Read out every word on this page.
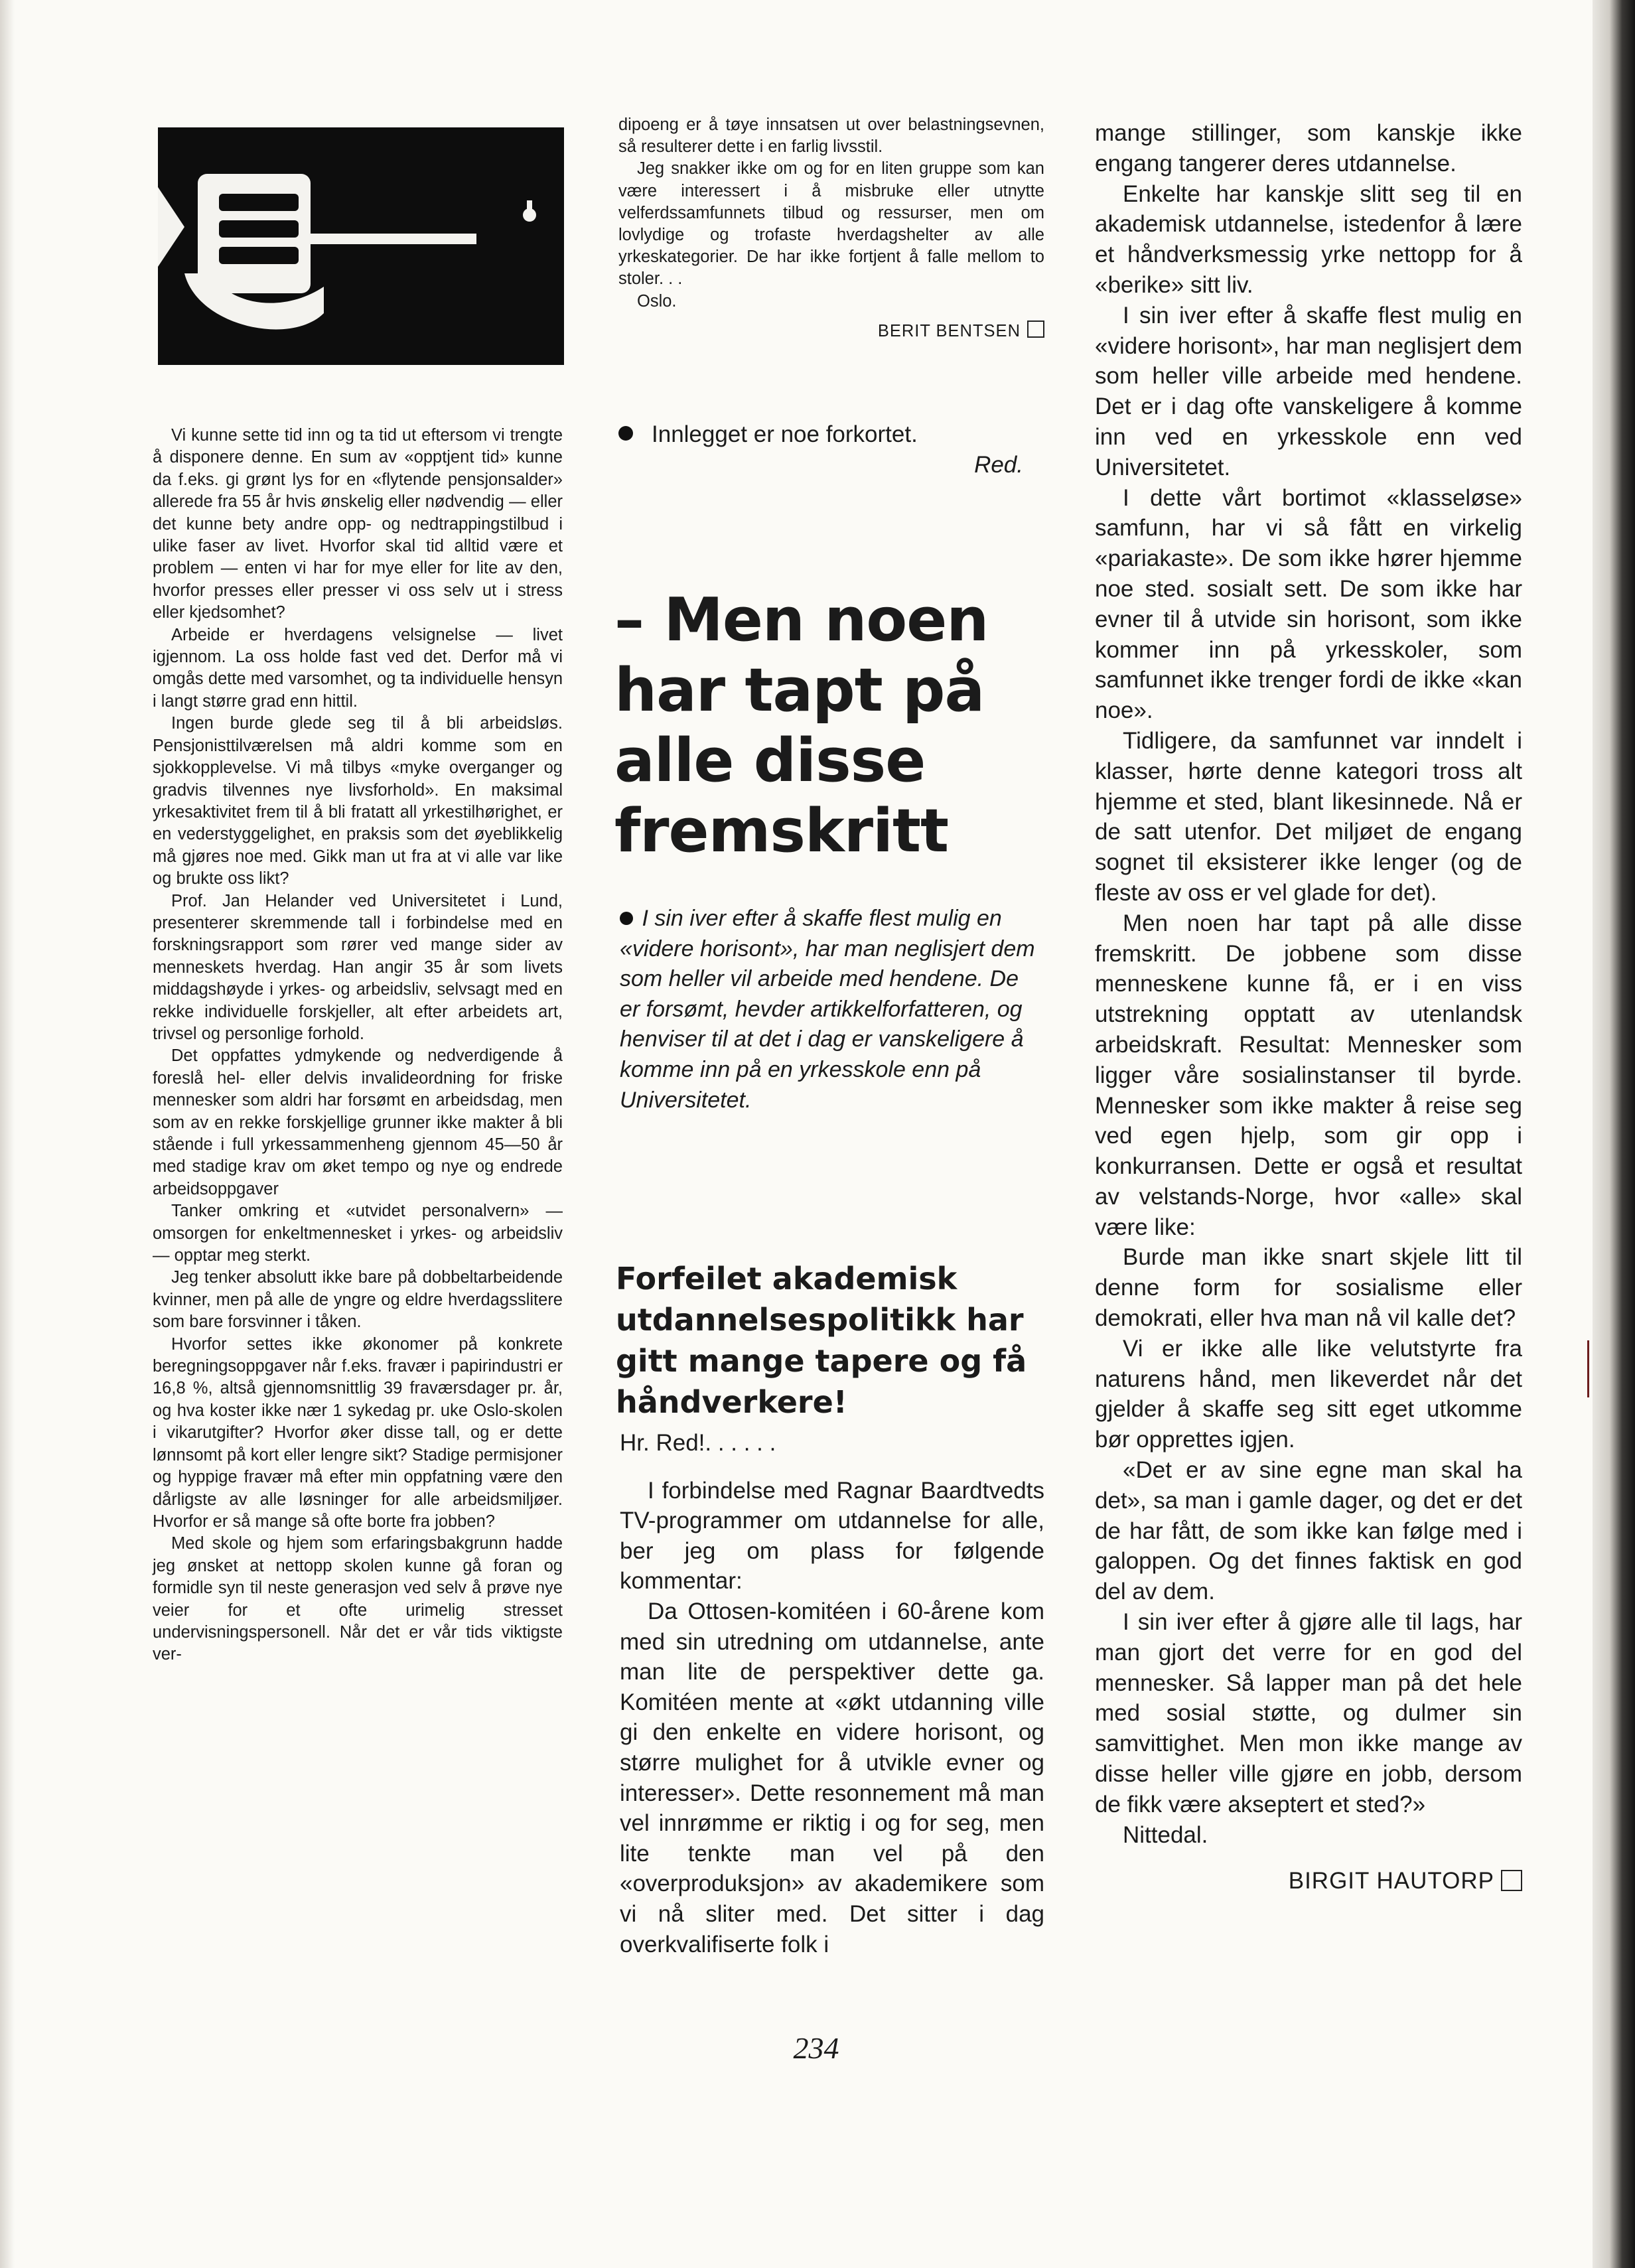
Vi kunne sette tid inn og ta tid ut eftersom vi trengte å disponere denne. En sum av «opptjent tid» kunne da f.eks. gi grønt lys for en «flytende pensjonsalder» allerede fra 55 år hvis ønskelig eller nødvendig — eller det kunne bety andre opp- og nedtrappingstilbud i ulike faser av livet. Hvorfor skal tid alltid være et problem — enten vi har for mye eller for lite av den, hvorfor presses eller presser vi oss selv ut i stress eller kjedsomhet?

Arbeide er hverdagens velsignelse — livet igjennom. La oss holde fast ved det. Derfor må vi omgås dette med varsomhet, og ta individuelle hensyn i langt større grad enn hittil.

Ingen burde glede seg til å bli arbeidsløs. Pensjonisttilværelsen må aldri komme som en sjokkopplevelse. Vi må tilbys «myke overganger og gradvis tilvennes nye livsforhold». En maksimal yrkesaktivitet frem til å bli fratatt all yrkestilhørighet, er en vederstyggelighet, en praksis som det øyeblikkelig må gjøres noe med. Gikk man ut fra at vi alle var like og brukte oss likt?

Prof. Jan Helander ved Universitetet i Lund, presenterer skremmende tall i forbindelse med en forskningsrapport som rører ved mange sider av menneskets hverdag. Han angir 35 år som livets middagshøyde i yrkes- og arbeidsliv, selvsagt med en rekke individuelle forskjeller, alt efter arbeidets art, trivsel og personlige forhold.

Det oppfattes ydmykende og nedverdigende å foreslå hel- eller delvis invalideordning for friske mennesker som aldri har forsømt en arbeidsdag, men som av en rekke forskjellige grunner ikke makter å bli stående i full yrkessammenheng gjennom 45—50 år med stadige krav om øket tempo og nye og endrede arbeidsoppgaver

Tanker omkring et «utvidet personalvern» — omsorgen for enkeltmennesket i yrkes- og arbeidsliv — opptar meg sterkt.

Jeg tenker absolutt ikke bare på dobbeltarbeidende kvinner, men på alle de yngre og eldre hverdagsslitere som bare forsvinner i tåken.

Hvorfor settes ikke økonomer på konkrete beregningsoppgaver når f.eks. fravær i papirindustri er 16,8 %, altså gjennomsnittlig 39 fraværsdager pr. år, og hva koster ikke nær 1 sykedag pr. uke Oslo-skolen i vikarutgifter? Hvorfor øker disse tall, og er dette lønnsomt på kort eller lengre sikt? Stadige permisjoner og hyppige fravær må efter min oppfatning være den dårligste av alle løsninger for alle arbeidsmiljøer. Hvorfor er så mange så ofte borte fra jobben?

Med skole og hjem som erfaringsbakgrunn hadde jeg ønsket at nettopp skolen kunne gå foran og formidle syn til neste generasjon ved selv å prøve nye veier for et ofte urimelig stresset undervisningspersonell. Når det er vår tids viktigste ver-

dipoeng er å tøye innsatsen ut over belastningsevnen, så resulterer dette i en farlig livsstil.

Jeg snakker ikke om og for en liten gruppe som kan være interessert i å misbruke eller utnytte velferdssamfunnets tilbud og ressurser, men om lovlydige og trofaste hverdagshelter av alle yrkeskategorier. De har ikke fortjent å falle mellom to stoler. . .

Oslo.

BERIT BENTSEN
Innlegget er noe forkortet.
Red.
– Men noen har tapt på alle disse fremskritt
I sin iver efter å skaffe flest mulig en «videre horisont», har man neglisjert dem som heller vil arbeide med hendene. De er forsømt, hevder artikkelforfatteren, og henviser til at det i dag er vanskeligere å komme inn på en yrkesskole enn på Universitetet.
Forfeilet akademisk utdannelsespolitikk har gitt mange tapere og få håndverkere!

Hr. Red!. . . . . .

I forbindelse med Ragnar Baardtvedts TV-programmer om utdannelse for alle, ber jeg om plass for følgende kommentar:

Da Ottosen-komitéen i 60-årene kom med sin utredning om utdannelse, ante man lite de perspektiver dette ga. Komitéen mente at «økt utdanning ville gi den enkelte en videre horisont, og større mulighet for å utvikle evner og interesser». Dette resonnement må man vel innrømme er riktig i og for seg, men lite tenkte man vel på den «overproduksjon» av akademikere som vi nå sliter med. Det sitter i dag overkvalifiserte folk i

mange stillinger, som kanskje ikke engang tangerer deres utdannelse.

Enkelte har kanskje slitt seg til en akademisk utdannelse, istedenfor å lære et håndverksmessig yrke nettopp for å «berike» sitt liv.

I sin iver efter å skaffe flest mulig en «videre horisont», har man neglisjert dem som heller ville arbeide med hendene. Det er i dag ofte vanskeligere å komme inn ved en yrkesskole enn ved Universitetet.

I dette vårt bortimot «klasseløse» samfunn, har vi så fått en virkelig «pariakaste». De som ikke hører hjemme noe sted. sosialt sett. De som ikke har evner til å utvide sin horisont, som ikke kommer inn på yrkesskoler, som samfunnet ikke trenger fordi de ikke «kan noe».

Tidligere, da samfunnet var inndelt i klasser, hørte denne kategori tross alt hjemme et sted, blant likesinnede. Nå er de satt utenfor. Det miljøet de engang sognet til eksisterer ikke lenger (og de fleste av oss er vel glade for det).

Men noen har tapt på alle disse fremskritt. De jobbene som disse menneskene kunne få, er i en viss utstrekning opptatt av utenlandsk arbeidskraft. Resultat: Mennesker som ligger våre sosialinstanser til byrde. Mennesker som ikke makter å reise seg ved egen hjelp, som gir opp i konkurransen. Dette er også et resultat av velstands-Norge, hvor «alle» skal være like:

Burde man ikke snart skjele litt til denne form for sosialisme eller demokrati, eller hva man nå vil kalle det?

Vi er ikke alle like velutstyrte fra naturens hånd, men likeverdet når det gjelder å skaffe seg sitt eget utkomme bør opprettes igjen.

«Det er av sine egne man skal ha det», sa man i gamle dager, og det er det de har fått, de som ikke kan følge med i galoppen. Og det finnes faktisk en god del av dem.

I sin iver efter å gjøre alle til lags, har man gjort det verre for en god del mennesker. Så lapper man på det hele med sosial støtte, og dulmer sin samvittighet. Men mon ikke mange av disse heller ville gjøre en jobb, dersom de fikk være akseptert et sted?»

Nittedal.

BIRGIT HAUTORP
234
